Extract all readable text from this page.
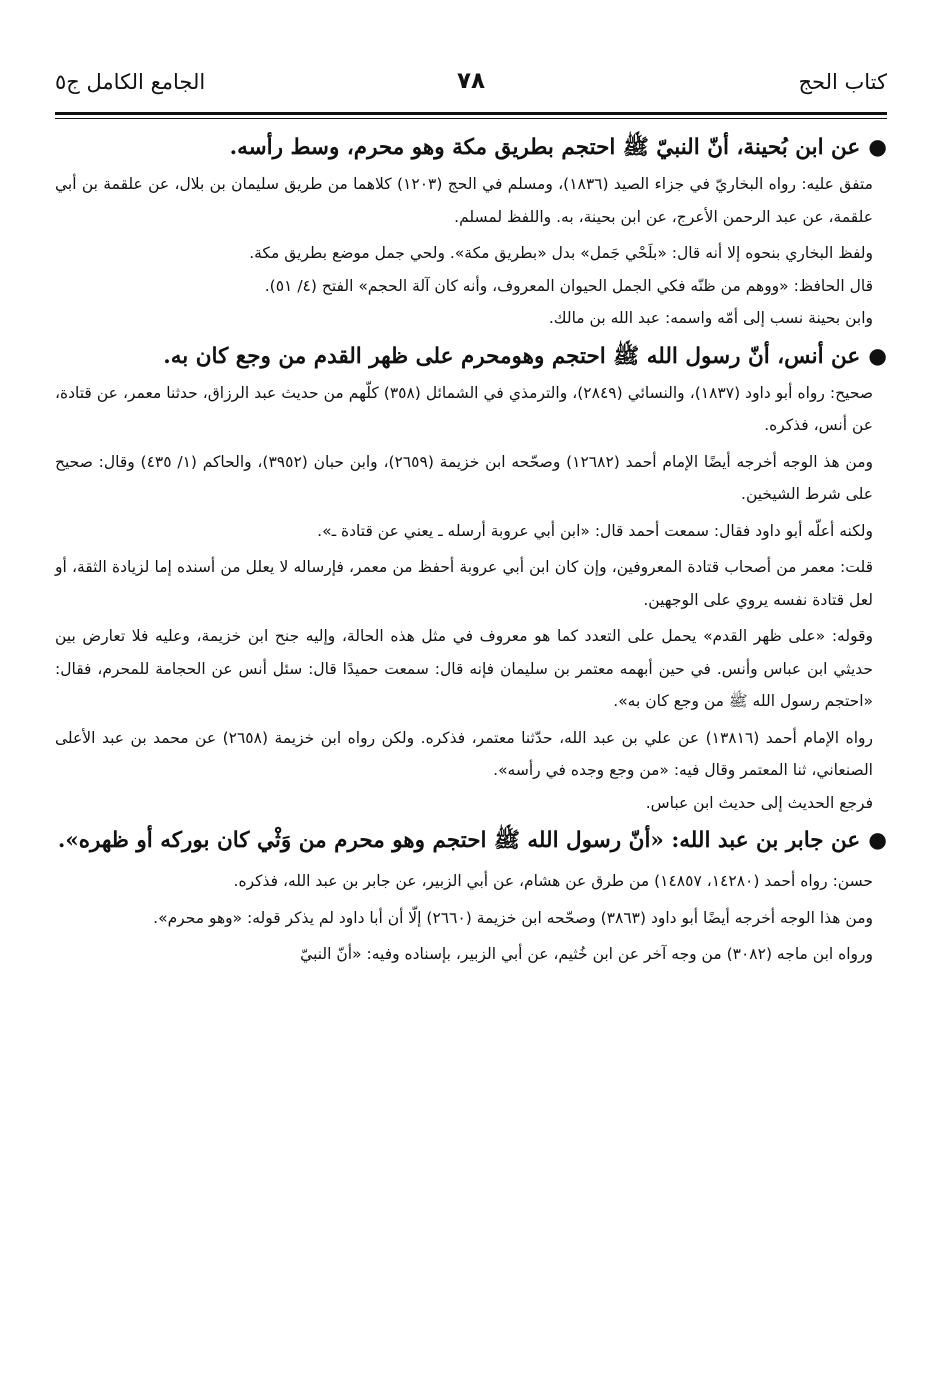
كتاب الحج
٧٨
الجامع الكامل ج٥

●عن ابن بُحينة، أنّ النبيّ ﷺ احتجم بطريق مكة وهو محرم، وسط رأسه.

متفق عليه: رواه البخاريّ في جزاء الصيد (١٨٣٦)، ومسلم في الحج (١٢٠٣) كلاهما من طريق سليمان بن بلال، عن علقمة بن أبي علقمة، عن عبد الرحمن الأعرج، عن ابن بحينة، به. واللفظ لمسلم.

ولفظ البخاري بنحوه إلا أنه قال: «بلَحْي جَمل» بدل «بطريق مكة». ولحي جمل موضع بطريق مكة.

قال الحافظ: «ووهم من ظنّه فكي الجمل الحيوان المعروف، وأنه كان آلة الحجم» الفتح (٤/ ٥١).

وابن بحينة نسب إلى أمّه واسمه: عبد الله بن مالك.

●عن أنس، أنّ رسول الله ﷺ احتجم وهومحرم على ظهر القدم من وجع كان به.

صحيح: رواه أبو داود (١٨٣٧)، والنسائي (٢٨٤٩)، والترمذي في الشمائل (٣٥٨) كلّهم من حديث عبد الرزاق، حدثنا معمر، عن قتادة، عن أنس، فذكره.

ومن هذ الوجه أخرجه أيضًا الإمام أحمد (١٢٦٨٢) وصحّحه ابن خزيمة (٢٦٥٩)، وابن حبان (٣٩٥٢)، والحاكم (١/ ٤٣٥) وقال: صحيح على شرط الشيخين.

ولكنه أعلّه أبو داود فقال: سمعت أحمد قال: «ابن أبي عروبة أرسله ـ يعني عن قتادة ـ».

قلت: معمر من أصحاب قتادة المعروفين، وإن كان ابن أبي عروبة أحفظ من معمر، فإرساله لا يعلل من أسنده إما لزيادة الثقة، أو لعل قتادة نفسه يروي على الوجهين.

وقوله: «على ظهر القدم» يحمل على التعدد كما هو معروف في مثل هذه الحالة، وإليه جنح ابن خزيمة، وعليه فلا تعارض بين حديثي ابن عباس وأنس. في حين أبهمه معتمر بن سليمان فإنه قال: سمعت حميدًا قال: سئل أنس عن الحجامة للمحرم، فقال: «احتجم رسول الله ﷺ من وجع كان به».

رواه الإمام أحمد (١٣٨١٦) عن علي بن عبد الله، حدّثنا معتمر، فذكره. ولكن رواه ابن خزيمة (٢٦٥٨) عن محمد بن عبد الأعلى الصنعاني، ثنا المعتمر وقال فيه: «من وجع وجده في رأسه».

فرجع الحديث إلى حديث ابن عباس.

●عن جابر بن عبد الله: «أنّ رسول الله ﷺ احتجم وهو محرم من وَثْي كان بوركه أو ظهره».

حسن: رواه أحمد (١٤٢٨٠، ١٤٨٥٧) من طرق عن هشام، عن أبي الزبير، عن جابر بن عبد الله، فذكره.

ومن هذا الوجه أخرجه أيضًا أبو داود (٣٨٦٣) وصحّحه ابن خزيمة (٢٦٦٠) إلّا أن أبا داود لم يذكر قوله: «وهو محرم».

ورواه ابن ماجه (٣٠٨٢) من وجه آخر عن ابن خُثيم، عن أبي الزبير، بإسناده وفيه: «أنّ النبيّ
